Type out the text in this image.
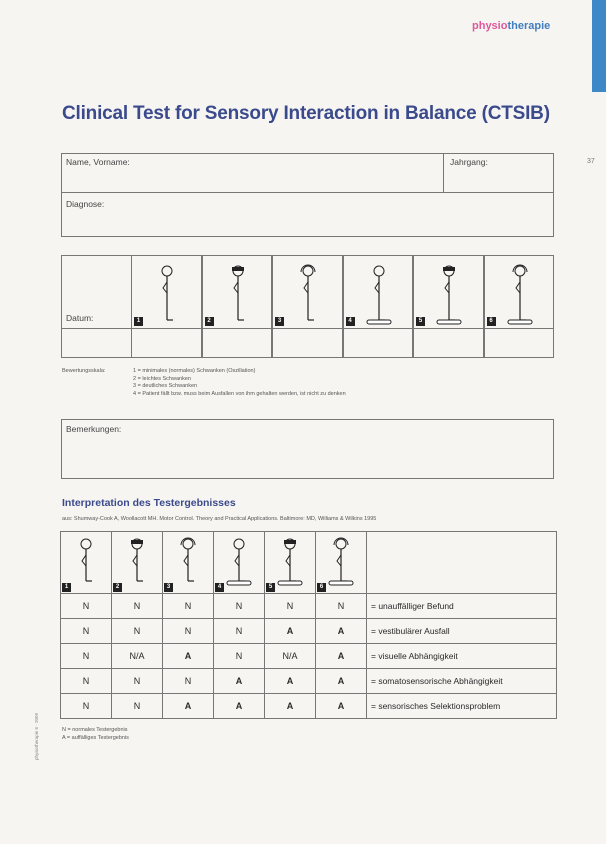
physiotherapie
37
Clinical Test for Sensory Interaction in Balance (CTSIB)
Name, Vorname:	Jahrgang:
Diagnose:
Datum:	1	2	3	4	5	6
Bewertungsskala:	1 = minimales (normales) Schwanken (Oszillation)
2 = leichtes Schwanken
3 = deutliches Schwanken
4 = Patient fällt bzw. muss beim Ausfallen von ihm gehalten werden, ist nicht zu denken
Bemerkungen:
Interpretation des Testergebnisses
aus: Shumway-Cook A, Woollacott MH. Motor Control. Theory and Practical Applications. Baltimore: MD, Williams & Wilkins 1995
1	2	3	4	5	6	

N	N	N	N	N	N	= unauffälliger Befund
N	N	N	N	A	A	= vestibulärer Ausfall
N	N/A	A	N	N/A	A	= visuelle Abhängigkeit
N	N	N	A	A	A	= somatosensorische Abhängigkeit
N	N	A	A	A	A	= sensorisches Selektionsproblem
N = normales Testergebnis
A = auffälliges Testergebnis
physiotherapie 6 · 2009
